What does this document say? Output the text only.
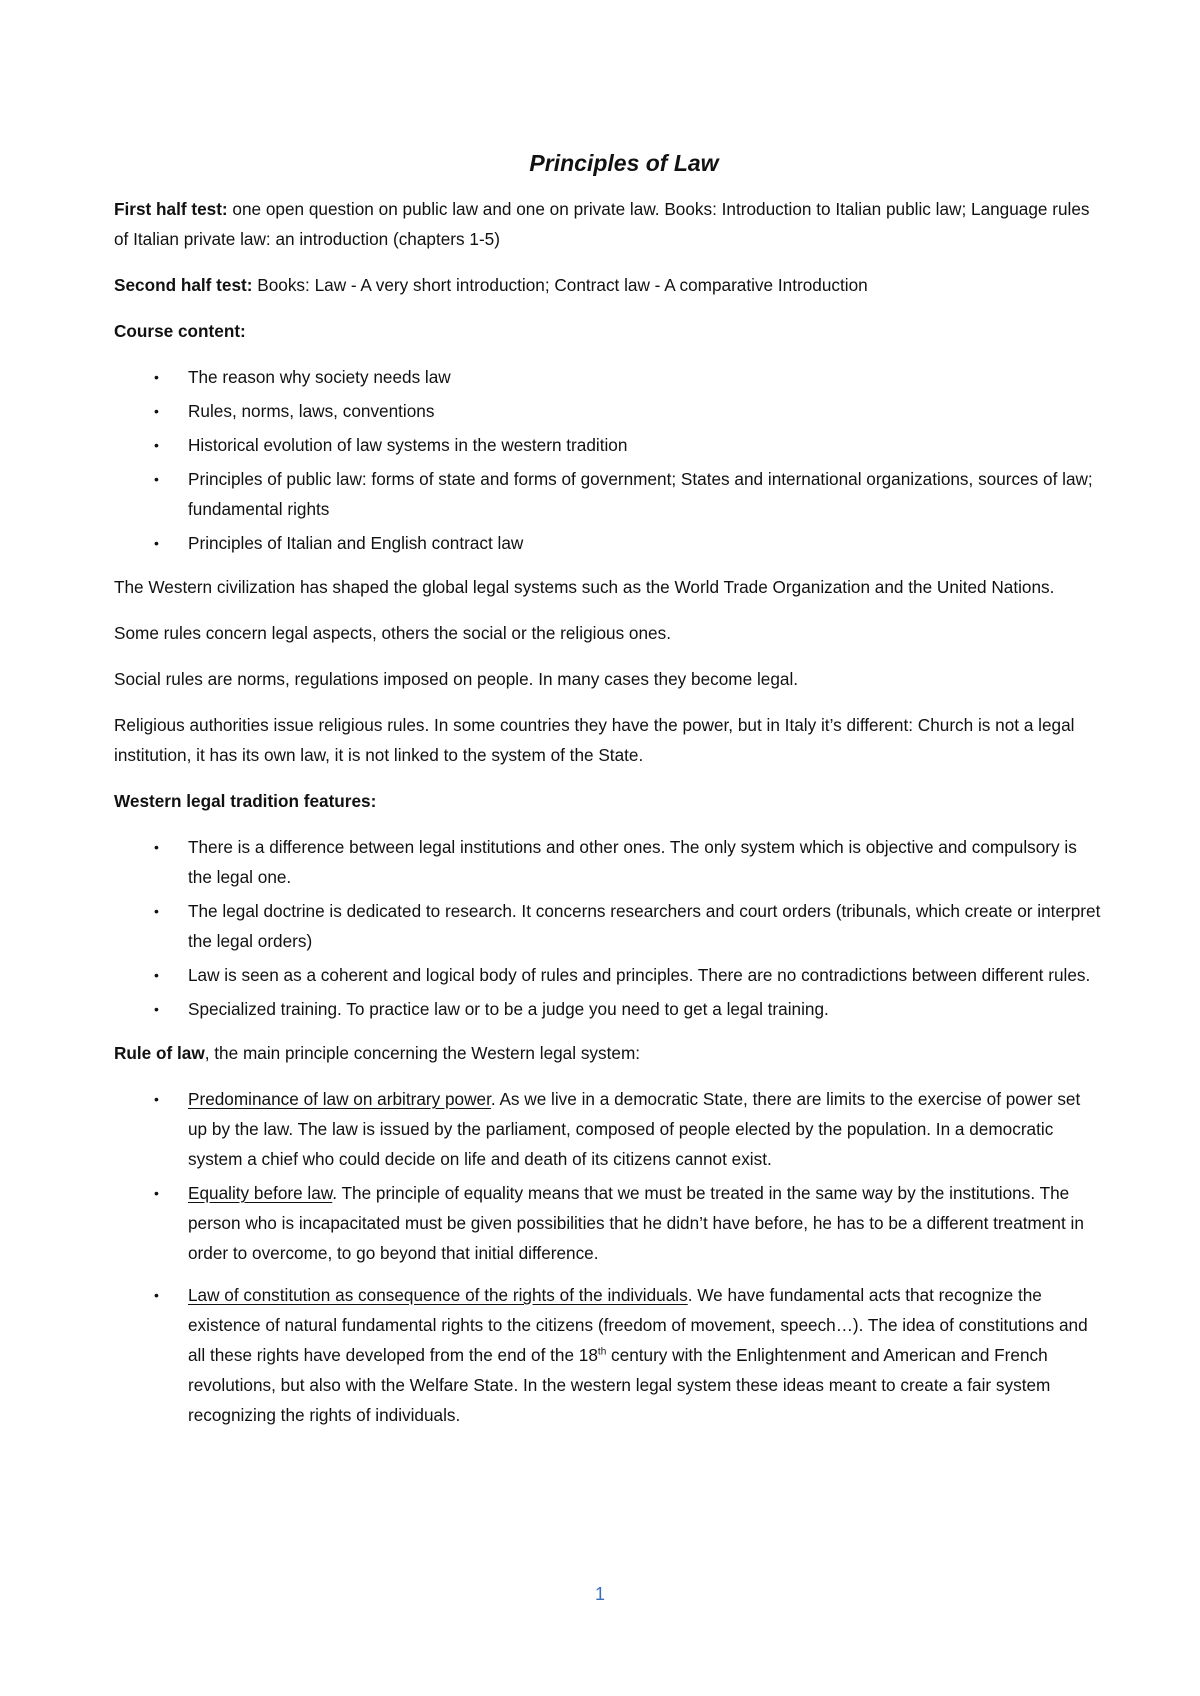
Principles of Law

First half test: one open question on public law and one on private law. Books: Introduction to Italian public law; Language rules of Italian private law: an introduction (chapters 1-5)

Second half test: Books: Law - A very short introduction; Contract law - A comparative Introduction

Course content:

• The reason why society needs law
• Rules, norms, laws, conventions
• Historical evolution of law systems in the western tradition
• Principles of public law: forms of state and forms of government; States and international organizations, sources of law; fundamental rights
• Principles of Italian and English contract law

The Western civilization has shaped the global legal systems such as the World Trade Organization and the United Nations.

Some rules concern legal aspects, others the social or the religious ones.

Social rules are norms, regulations imposed on people. In many cases they become legal.

Religious authorities issue religious rules. In some countries they have the power, but in Italy it’s different: Church is not a legal institution, it has its own law, it is not linked to the system of the State.

Western legal tradition features:

• There is a difference between legal institutions and other ones. The only system which is objective and compulsory is the legal one.
• The legal doctrine is dedicated to research. It concerns researchers and court orders (tribunals, which create or interpret the legal orders)
• Law is seen as a coherent and logical body of rules and principles. There are no contradictions between different rules.
• Specialized training. To practice law or to be a judge you need to get a legal training.

Rule of law, the main principle concerning the Western legal system:

• Predominance of law on arbitrary power. As we live in a democratic State, there are limits to the exercise of power set up by the law. The law is issued by the parliament, composed of people elected by the population. In a democratic system a chief who could decide on life and death of its citizens cannot exist.
• Equality before law. The principle of equality means that we must be treated in the same way by the institutions. The person who is incapacitated must be given possibilities that he didn’t have before, he has to be a different treatment in order to overcome, to go beyond that initial difference.
• Law of constitution as consequence of the rights of the individuals. We have fundamental acts that recognize the existence of natural fundamental rights to the citizens (freedom of movement, speech…). The idea of constitutions and all these rights have developed from the end of the 18th century with the Enlightenment and American and French revolutions, but also with the Welfare State. In the western legal system these ideas meant to create a fair system recognizing the rights of individuals.
1
